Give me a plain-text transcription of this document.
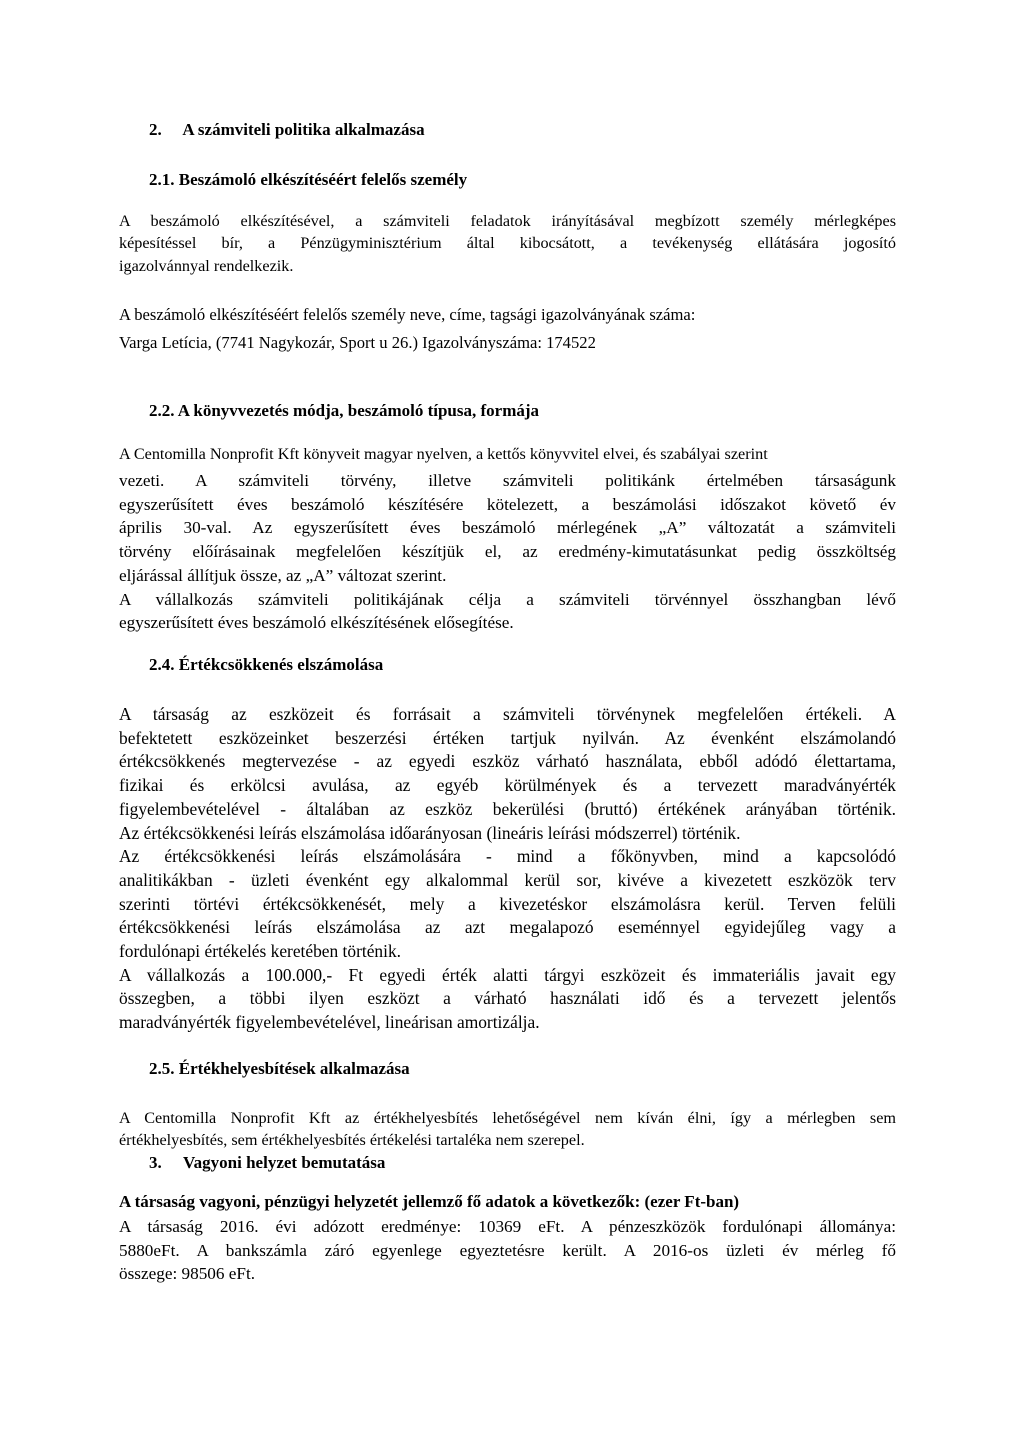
2. A számviteli politika alkalmazása
2.1. Beszámoló elkészítéséért felelős személy
A beszámoló elkészítésével, a számviteli feladatok irányításával megbízott személy mérlegképes
képesítéssel bír, a Pénzügyminisztérium által kibocsátott, a tevékenység ellátására jogosító
igazolvánnyal rendelkezik.
A beszámoló elkészítéséért felelős személy neve, címe, tagsági igazolványának száma:
Varga Letícia, (7741 Nagykozár, Sport u 26.) Igazolványszáma: 174522
2.2. A könyvvezetés módja, beszámoló típusa, formája
A Centomilla Nonprofit Kft könyveit magyar nyelven, a kettős könyvvitel elvei, és szabályai szerint
vezeti. A számviteli törvény, illetve számviteli politikánk értelmében társaságunk
egyszerűsített éves beszámoló készítésére kötelezett, a beszámolási időszakot követő év
április 30-val. Az egyszerűsített éves beszámoló mérlegének „A” változatát a számviteli
törvény előírásainak megfelelően készítjük el, az eredmény-kimutatásunkat pedig összköltség
eljárással állítjuk össze, az „A” változat szerint.
A vállalkozás számviteli politikájának célja a számviteli törvénnyel összhangban lévő
egyszerűsített éves beszámoló elkészítésének elősegítése.
2.4. Értékcsökkenés elszámolása
A társaság az eszközeit és forrásait a számviteli törvénynek megfelelően értékeli. A
befektetett eszközeinket beszerzési értéken tartjuk nyilván. Az évenként elszámolandó
értékcsökkenés megtervezése - az egyedi eszköz várható használata, ebből adódó élettartama,
fizikai és erkölcsi avulása, az egyéb körülmények és a tervezett maradványérték
figyelembevételével - általában az eszköz bekerülési (bruttó) értékének arányában történik.
Az értékcsökkenési leírás elszámolása időarányosan (lineáris leírási módszerrel) történik.
Az értékcsökkenési leírás elszámolására - mind a főkönyvben, mind a kapcsolódó
analitikákban - üzleti évenként egy alkalommal kerül sor, kivéve a kivezetett eszközök terv
szerinti törtévi értékcsökkenését, mely a kivezetéskor elszámolásra kerül. Terven felüli
értékcsökkenési leírás elszámolása az azt megalapozó eseménnyel egyidejűleg vagy a
fordulónapi értékelés keretében történik.
A vállalkozás a 100.000,- Ft egyedi érték alatti tárgyi eszközeit és immateriális javait egy
összegben, a többi ilyen eszközt a várható használati idő és a tervezett jelentős
maradványérték figyelembevételével, lineárisan amortizálja.
2.5. Értékhelyesbítések alkalmazása
A Centomilla Nonprofit Kft az értékhelyesbítés lehetőségével nem kíván élni, így a mérlegben sem
értékhelyesbítés, sem értékhelyesbítés értékelési tartaléka nem szerepel.
3. Vagyoni helyzet bemutatása
A társaság vagyoni, pénzügyi helyzetét jellemző fő adatok a következők: (ezer Ft-ban)
A társaság 2016. évi adózott eredménye: 10369 eFt. A pénzeszközök fordulónapi állománya:
5880eFt. A bankszámla záró egyenlege egyeztetésre került. A 2016-os üzleti év mérleg fő
összege: 98506 eFt.
